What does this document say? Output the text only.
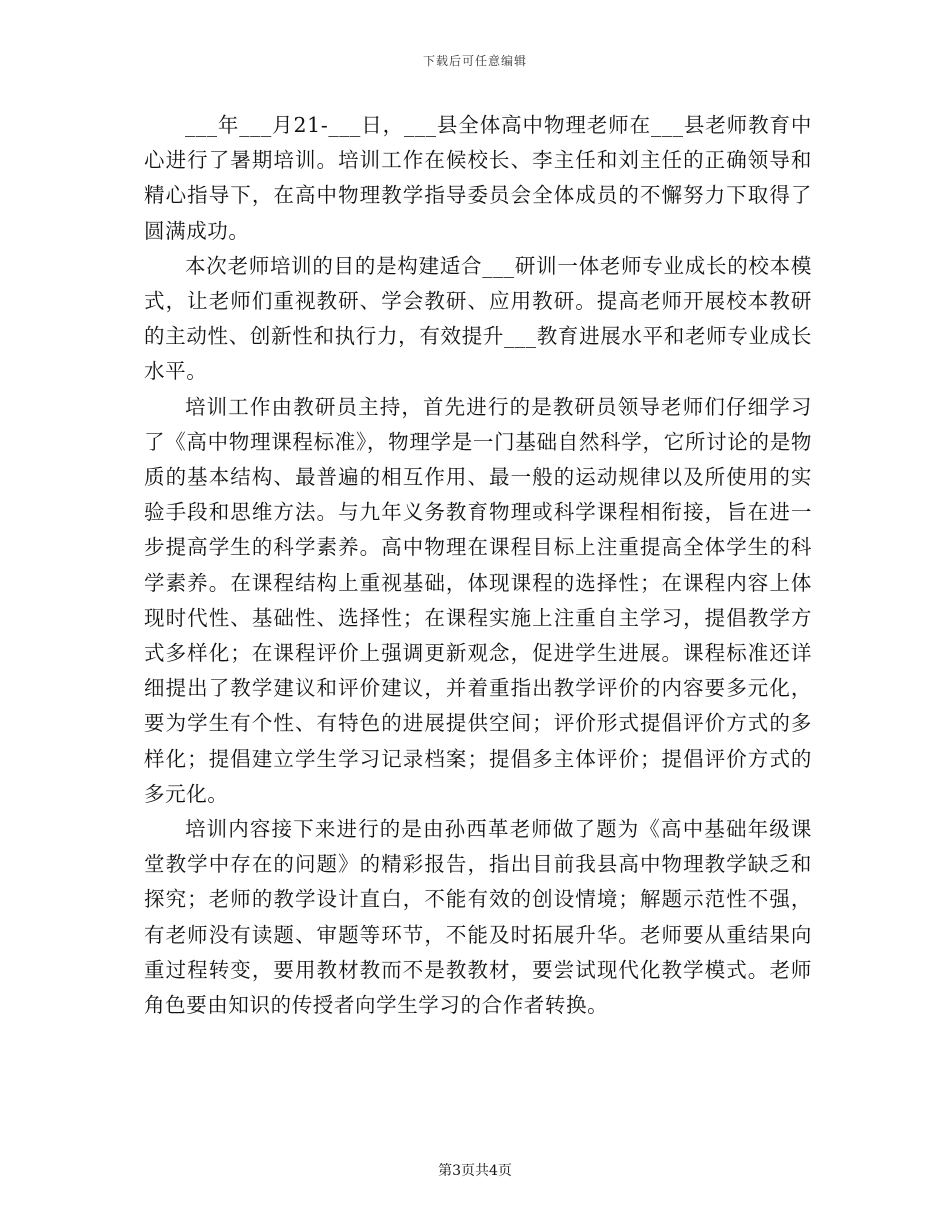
下载后可任意编辑

___年___月21-___日，___县全体高中物理老师在___县老师教育中心进行了暑期培训。培训工作在候校长、李主任和刘主任的正确领导和精心指导下，在高中物理教学指导委员会全体成员的不懈努力下取得了圆满成功。

本次老师培训的目的是构建适合___研训一体老师专业成长的校本模式，让老师们重视教研、学会教研、应用教研。提高老师开展校本教研的主动性、创新性和执行力，有效提升___教育进展水平和老师专业成长水平。

培训工作由教研员主持，首先进行的是教研员领导老师们仔细学习了《高中物理课程标准》，物理学是一门基础自然科学，它所讨论的是物质的基本结构、最普遍的相互作用、最一般的运动规律以及所使用的实验手段和思维方法。与九年义务教育物理或科学课程相衔接，旨在进一步提高学生的科学素养。高中物理在课程目标上注重提高全体学生的科学素养。在课程结构上重视基础，体现课程的选择性；在课程内容上体现时代性、基础性、选择性；在课程实施上注重自主学习，提倡教学方式多样化；在课程评价上强调更新观念，促进学生进展。课程标准还详细提出了教学建议和评价建议，并着重指出教学评价的内容要多元化，要为学生有个性、有特色的进展提供空间；评价形式提倡评价方式的多样化；提倡建立学生学习记录档案；提倡多主体评价；提倡评价方式的多元化。

培训内容接下来进行的是由孙西革老师做了题为《高中基础年级课堂教学中存在的问题》的精彩报告，指出目前我县高中物理教学缺乏和探究；老师的教学设计直白，不能有效的创设情境；解题示范性不强，有老师没有读题、审题等环节，不能及时拓展升华。老师要从重结果向重过程转变，要用教材教而不是教教材，要尝试现代化教学模式。老师角色要由知识的传授者向学生学习的合作者转换。

第3页共4页
